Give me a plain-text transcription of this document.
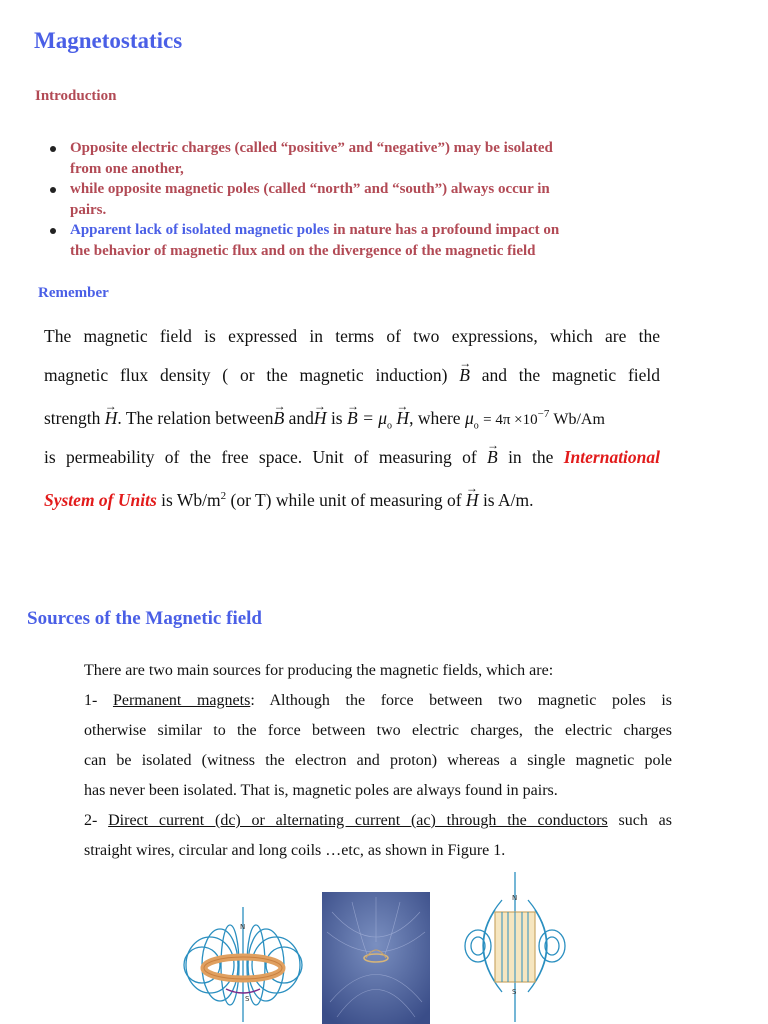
Magnetostatics
Introduction
Opposite electric charges (called “positive” and “negative”) may be isolated
from one another,
while opposite magnetic poles (called “north” and “south”) always occur in
pairs.
Apparent lack of isolated magnetic poles in nature has a profound impact on
the behavior of magnetic flux and on the divergence of the magnetic field
Remember
The magnetic field is expressed in terms of two expressions, which are the
magnetic flux density ( or the magnetic induction) → B and the magnetic field
strength → H. The relation between→ B and→ H is → $B = \mu_o \to H$, where $\mu_o = 4\pi \times 10^{-7}$ Wb/Am
is permeability of the free space. Unit of measuring of → B in the International
System of Units is $Wb/m^2$ (or T) while unit of measuring of → H is A/m.
Sources of the Magnetic field
There are two main sources for producing the magnetic fields, which are:
1- Permanent magnets: Although the force between two magnetic poles is
otherwise similar to the force between two electric charges, the electric charges
can be isolated (witness the electron and proton) whereas a single magnetic pole
has never been isolated. That is, magnetic poles are always found in pairs.
2- Direct current (dc) or alternating current (ac) through the conductors such as
straight wires, circular and long coils …etc, as shown in Figure 1.
N
S
N
S
